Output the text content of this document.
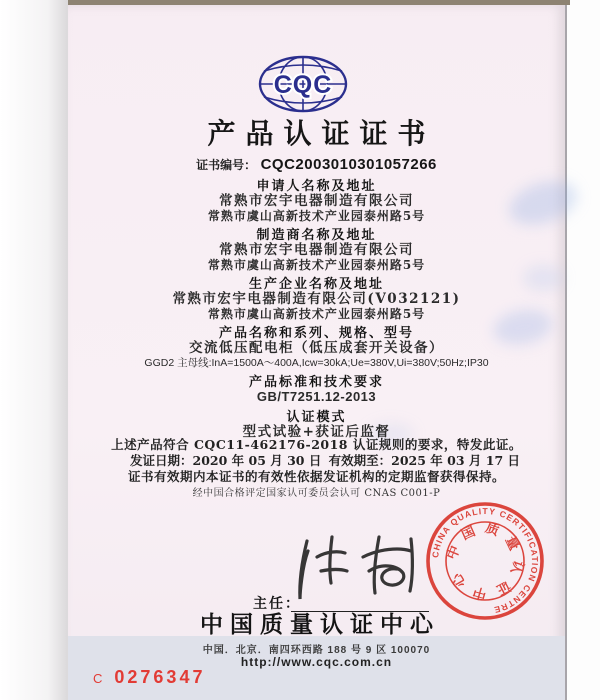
CQC
产品认证证书
证书编号： CQC2003010301057266
申请人名称及地址
常熟市宏宇电器制造有限公司
常熟市虞山高新技术产业园泰州路5号
制造商名称及地址
常熟市宏宇电器制造有限公司
常熟市虞山高新技术产业园泰州路5号
生产企业名称及地址
常熟市宏宇电器制造有限公司(V032121)
常熟市虞山高新技术产业园泰州路5号
产品名称和系列、规格、型号
交流低压配电柜（低压成套开关设备）
GGD2 主母线:InA=1500A～400A,Icw=30kA;Ue=380V,Ui=380V;50Hz;IP30
产品标准和技术要求
GB/T7251.12-2013
认证模式
型式试验+获证后监督
上述产品符合 CQC11-462176-2018 认证规则的要求，特发此证。
发证日期：2020 年 05 月 30 日 有效期至：2025 年 03 月 17 日
证书有效期内本证书的有效性依据发证机构的定期监督获得保持。
经中国合格评定国家认可委员会认可 CNAS C001-P
主任：
中国质量认证中心
中国．北京．南四环西路 188 号 9 区 100070
http://www.cqc.com.cn
C 0276347
CHINA QUALITY CERTIFICATION CENTRE
中国质量认证中心
